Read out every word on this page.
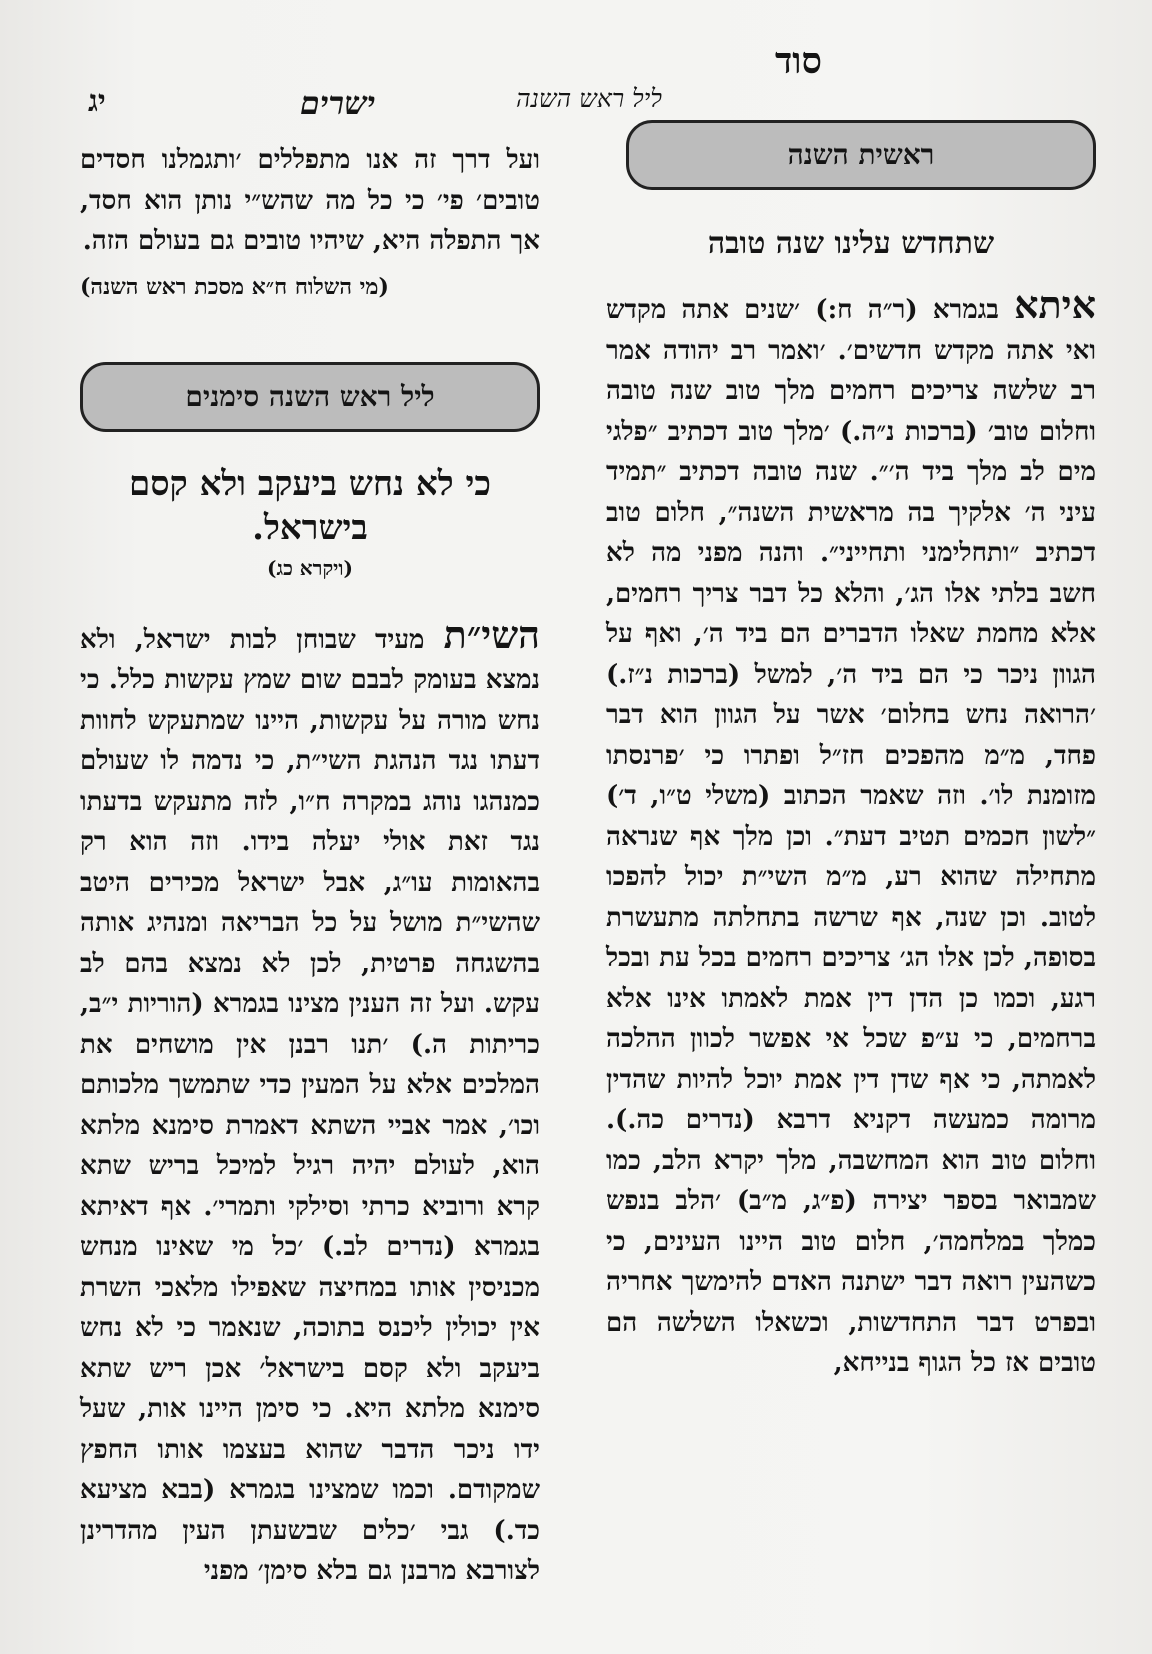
סוד
ליל ראש השנה
ישרים
יג
ראשית השנה
שתחדש עלינו שנה טובה

איתא בגמרא (ר״ה ח:) ׳שנים אתה מקדש ואי אתה מקדש חדשים׳. ׳ואמר רב יהודה אמר רב שלשה צריכים רחמים מלך טוב שנה טובה וחלום טוב׳ (ברכות נ״ה.) ׳מלך טוב דכתיב ״פלגי מים לב מלך ביד ה׳״. שנה טובה דכתיב ״תמיד עיני ה׳ אלקיך בה מראשית השנה״, חלום טוב דכתיב ״ותחלימני ותחייני״. והנה מפני מה לא חשב בלתי אלו הג׳, והלא כל דבר צריך רחמים, אלא מחמת שאלו הדברים הם ביד ה׳, ואף על הגוון ניכר כי הם ביד ה׳, למשל (ברכות נ״ז.) ׳הרואה נחש בחלום׳ אשר על הגוון הוא דבר פחד, מ״מ מהפכים חז״ל ופתרו כי ׳פרנסתו מזומנת לו׳. וזה שאמר הכתוב (משלי ט״ו, ד׳) ״לשון חכמים תטיב דעת״. וכן מלך אף שנראה מתחילה שהוא רע, מ״מ השי״ת יכול להפכו לטוב. וכן שנה, אף שרשה בתחלתה מתעשרת בסופה, לכן אלו הג׳ צריכים רחמים בכל עת ובכל רגע, וכמו כן הדן דין אמת לאמתו אינו אלא ברחמים, כי ע״פ שכל אי אפשר לכוון ההלכה לאמתה, כי אף שדן דין אמת יוכל להיות שהדין מרומה כמעשה דקניא דרבא (נדרים כה.). וחלום טוב הוא המחשבה, מלך יקרא הלב, כמו שמבואר בספר יצירה (פ״ג, מ״ב) ׳הלב בנפש כמלך במלחמה׳, חלום טוב היינו העינים, כי כשהעין רואה דבר ישתנה האדם להימשך אחריה ובפרט דבר התחדשות, וכשאלו השלשה הם טובים אז כל הגוף בנייחא,

ועל דרך זה אנו מתפללים ׳ותגמלנו חסדים טובים׳ פי׳ כי כל מה שהש״י נותן הוא חסד, אך התפלה היא, שיהיו טובים גם בעולם הזה.

(מי השלוח ח״א מסכת ראש השנה)
ליל ראש השנה סימנים
כי לא נחש ביעקב ולא קסם בישראל.
(ויקרא כג)

השי״ת מעיד שבוחן לבות ישראל, ולא נמצא בעומק לבבם שום שמץ עקשות כלל. כי נחש מורה על עקשות, היינו שמתעקש לחוות דעתו נגד הנהגת השי״ת, כי נדמה לו שעולם כמנהגו נוהג במקרה ח״ו, לזה מתעקש בדעתו נגד זאת אולי יעלה בידו. וזה הוא רק בהאומות עו״ג, אבל ישראל מכירים היטב שהשי״ת מושל על כל הבריאה ומנהיג אותה בהשגחה פרטית, לכן לא נמצא בהם לב עקש. ועל זה הענין מצינו בגמרא (הוריות י״ב, כריתות ה.) ׳תנו רבנן אין מושחים את המלכים אלא על המעין כדי שתמשך מלכותם וכו׳, אמר אביי השתא דאמרת סימנא מלתא הוא, לעולם יהיה רגיל למיכל בריש שתא קרא ורוביא כרתי וסילקי ותמרי׳. אף דאיתא בגמרא (נדרים לב.) ׳כל מי שאינו מנחש מכניסין אותו במחיצה שאפילו מלאכי השרת אין יכולין ליכנס בתוכה, שנאמר כי לא נחש ביעקב ולא קסם בישראל׳ אכן ריש שתא סימנא מלתא היא. כי סימן היינו אות, שעל ידו ניכר הדבר שהוא בעצמו אותו החפץ שמקודם. וכמו שמצינו בגמרא (בבא מציעא כד.) גבי ׳כלים שבשעתן העין מהדרינן לצורבא מרבנן גם בלא סימן׳ מפני
